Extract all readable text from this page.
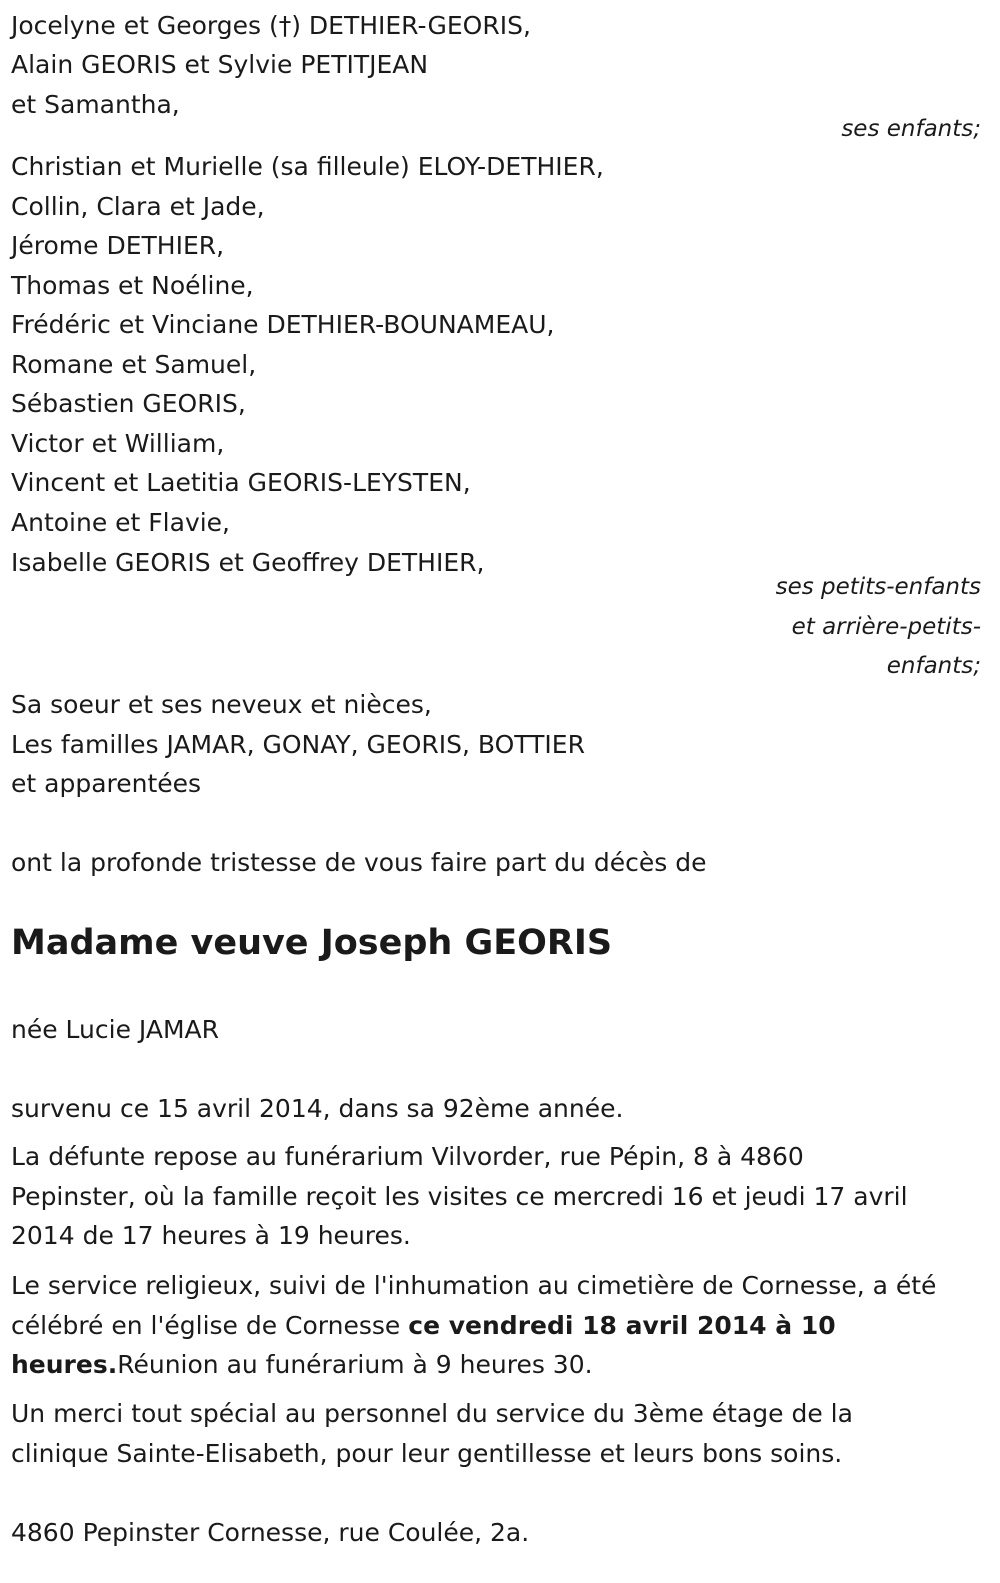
Jocelyne et Georges (†) DETHIER-GEORIS,
Alain GEORIS et Sylvie PETITJEAN
et Samantha,
ses enfants;
Christian et Murielle (sa filleule) ELOY-DETHIER,
Collin, Clara et Jade,
Jérome DETHIER,
Thomas et Noéline,
Frédéric et Vinciane DETHIER-BOUNAMEAU,
Romane et Samuel,
Sébastien GEORIS,
Victor et William,
Vincent et Laetitia GEORIS-LEYSTEN,
Antoine et Flavie,
Isabelle GEORIS et Geoffrey DETHIER,
ses petits-enfants
et arrière-petits-
enfants;
Sa soeur et ses neveux et nièces,
Les familles JAMAR, GONAY, GEORIS, BOTTIER
et apparentées
ont la profonde tristesse de vous faire part du décès de
Madame veuve Joseph GEORIS
née Lucie JAMAR
survenu ce 15 avril 2014, dans sa 92ème année.
La défunte repose au funérarium Vilvorder, rue Pépin, 8 à 4860
Pepinster, où la famille reçoit les visites ce mercredi 16 et jeudi 17 avril
2014 de 17 heures à 19 heures.
Le service religieux, suivi de l'inhumation au cimetière de Cornesse, a été
célébré en l'église de Cornesse ce vendredi 18 avril 2014 à 10
heures.Réunion au funérarium à 9 heures 30.
Un merci tout spécial au personnel du service du 3ème étage de la
clinique Sainte-Elisabeth, pour leur gentillesse et leurs bons soins.
4860 Pepinster Cornesse, rue Coulée, 2a.
